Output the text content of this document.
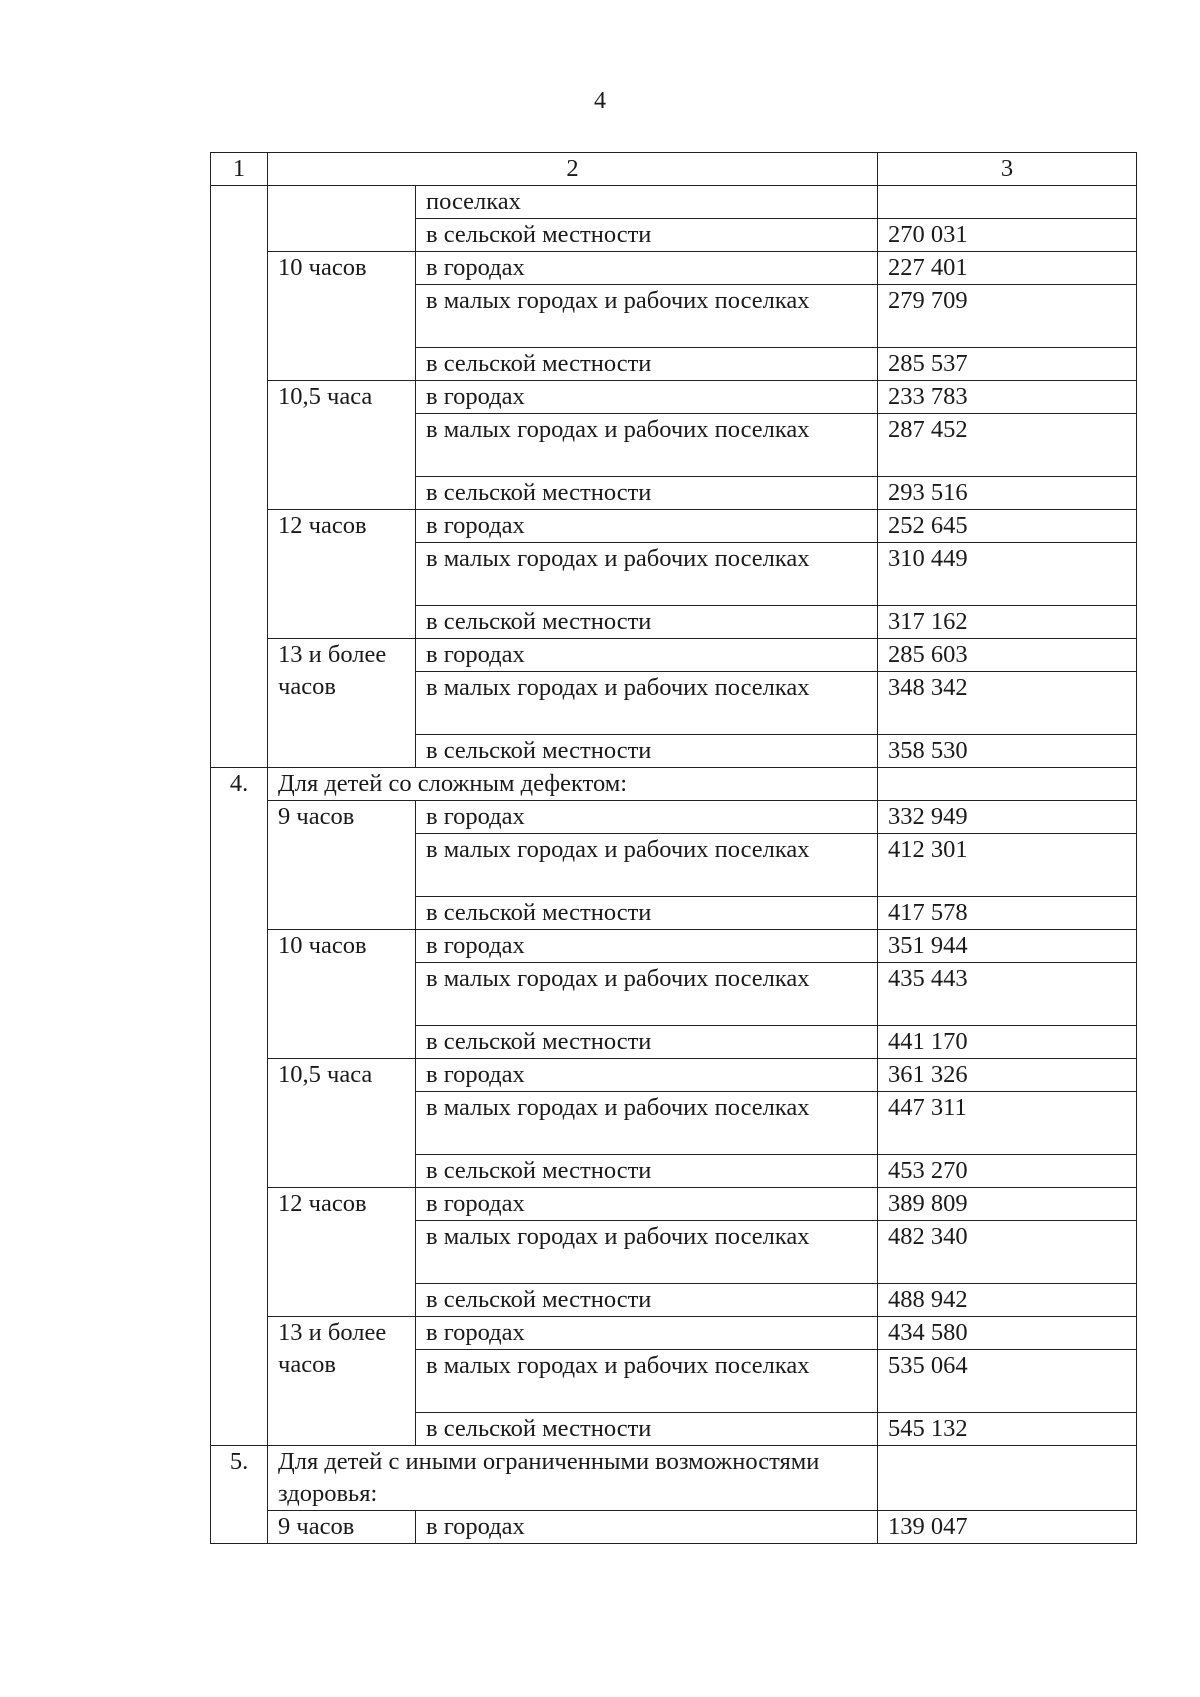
4
1	2		3
		поселках	
		в сельской местности	270 031
	10 часов	в городах	227 401
		в малых городах и рабочих поселках	279 709
		в сельской местности	285 537
	10,5 часа	в городах	233 783
		в малых городах и рабочих поселках	287 452
		в сельской местности	293 516
	12 часов	в городах	252 645
		в малых городах и рабочих поселках	310 449
		в сельской местности	317 162
	13 и более часов	в городах	285 603
		в малых городах и рабочих поселках	348 342
		в сельской местности	358 530
4.	Для детей со сложным дефектом:		
	9 часов	в городах	332 949
		в малых городах и рабочих поселках	412 301
		в сельской местности	417 578
	10 часов	в городах	351 944
		в малых городах и рабочих поселках	435 443
		в сельской местности	441 170
	10,5 часа	в городах	361 326
		в малых городах и рабочих поселках	447 311
		в сельской местности	453 270
	12 часов	в городах	389 809
		в малых городах и рабочих поселках	482 340
		в сельской местности	488 942
	13 и более часов	в городах	434 580
		в малых городах и рабочих поселках	535 064
		в сельской местности	545 132
5.	Для детей с иными ограниченными возможностями здоровья:		
	9 часов	в городах	139 047
